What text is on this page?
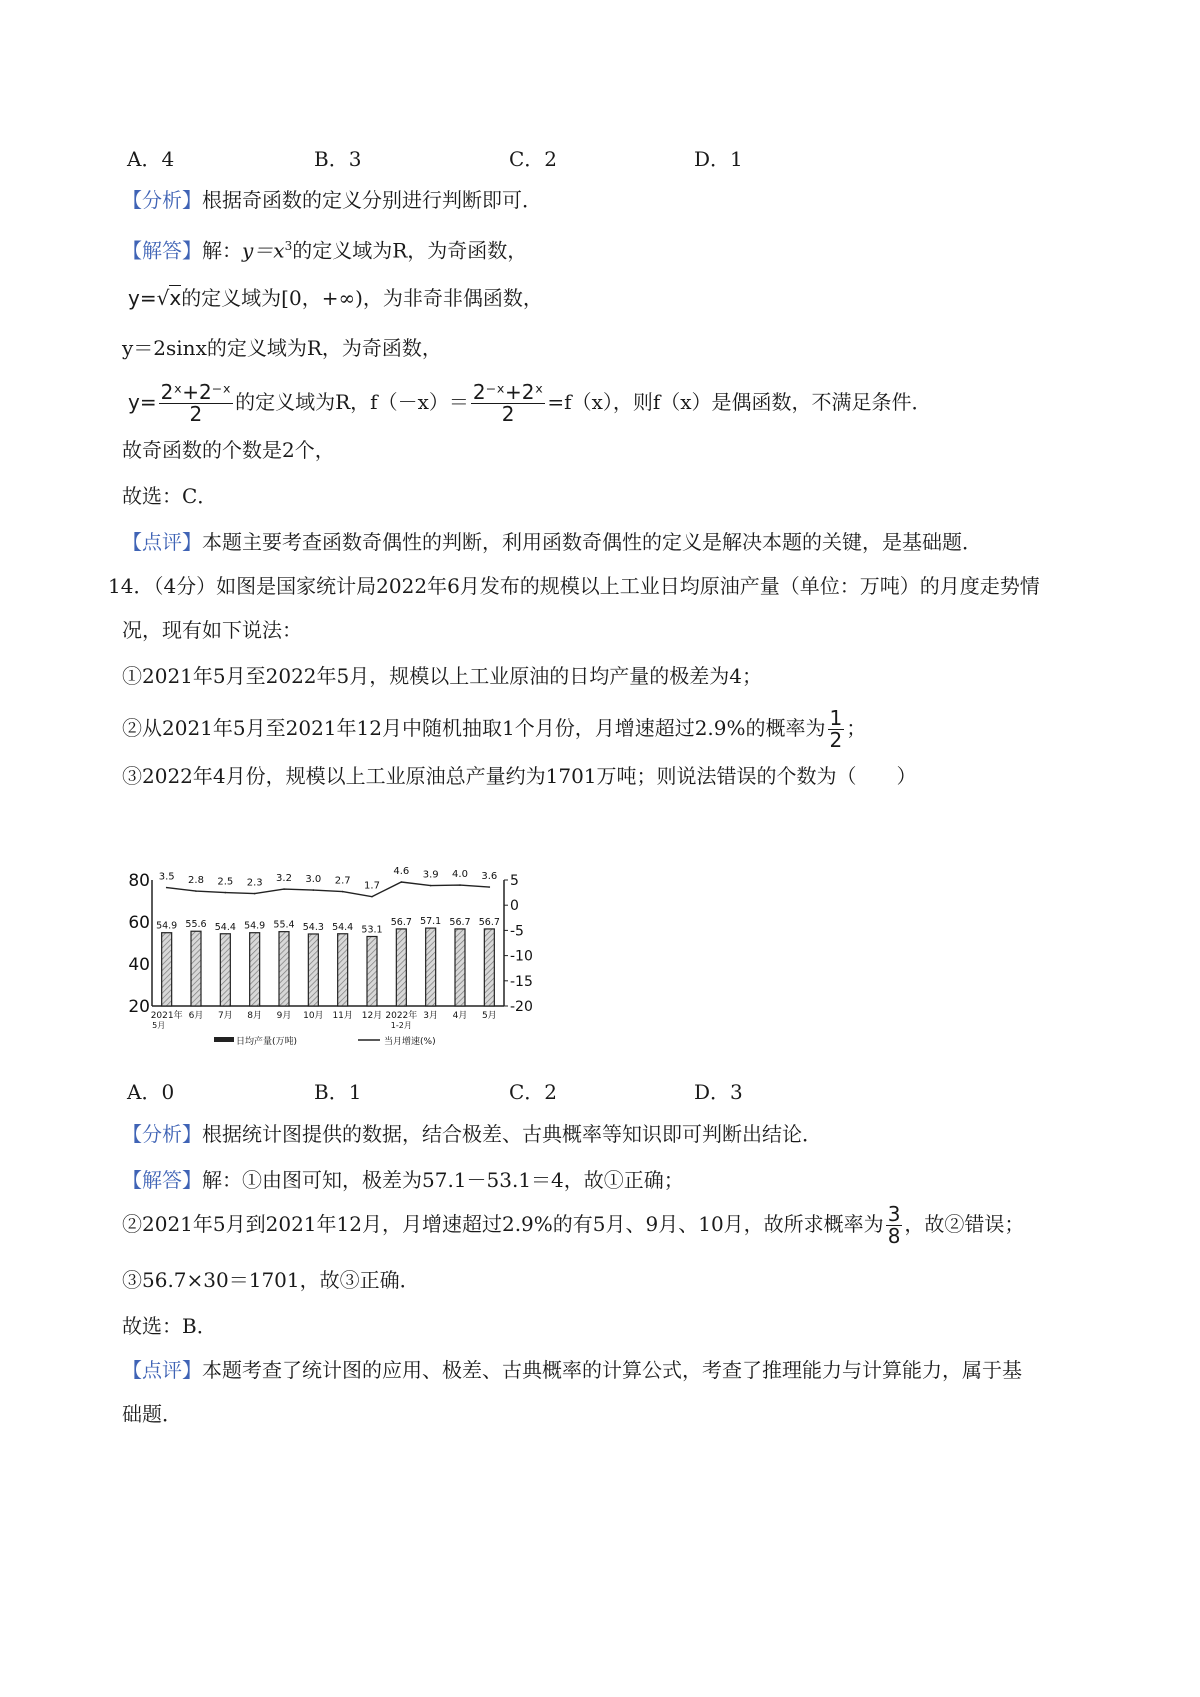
A．4	B．3	C．2	D．1
【分析】根据奇函数的定义分别进行判断即可．
【解答】解：$y=x^3$的定义域为R，为奇函数，
y=√x的定义域为[0，+∞)，为非奇非偶函数，
y＝2sinx的定义域为R，为奇函数，
$y= \frac{\text{2ˣ+2⁻ˣ}}{2}$ 的定义域为R，$f(-x)= \frac{\text{2⁻ˣ+2ˣ}}{2} =f(x)$，则f（x）是偶函数，不满足条件．
故奇函数的个数是2个，
故选：C．
【点评】本题主要考查函数奇偶性的判断，利用函数奇偶性的定义是解决本题的关键，是基础题．
14．（4分）如图是国家统计局2022年6月发布的规模以上工业日均原油产量（单位：万吨）的月度走势情
况，现有如下说法：
①2021年5月至2022年5月，规模以上工业原油的日均产量的极差为4；
②从2021年5月至2021年12月中随机抽取1个月份，月增速超过2.9%的概率为 $\frac{1}{2}$ ；
③2022年4月份，规模以上工业原油总产量约为1701万吨；则说法错误的个数为（　　）
20
40
60
80	5
0
-5
-10
-15
-20
54.9 55.6 54.4 54.9 55.4 54.3 54.4 53.1
56.7 57.1 56.7 56.7
3.5 2.8 2.5 2.3 3.2 3.0 2.7 1.7
4.6 3.9 4.0 3.6
2021年
5月
6月 7月 8月 9月 10月 11月 12月 2022年
1-2月
3月 4月 5月
日均产量(万吨)	当月增速(%)
A．0	B．1	C．2	D．3
【分析】根据统计图提供的数据，结合极差、古典概率等知识即可判断出结论．
【解答】解：①由图可知，极差为57.1－53.1＝4，故①正确；
②2021年5月到2021年12月，月增速超过2.9%的有5月、9月、10月，故所求概率为 $\frac{3}{8}$ ，故②错误；
③56.7×30＝1701，故③正确．
故选：B．
【点评】本题考查了统计图的应用、极差、古典概率的计算公式，考查了推理能力与计算能力，属于基
础题．
